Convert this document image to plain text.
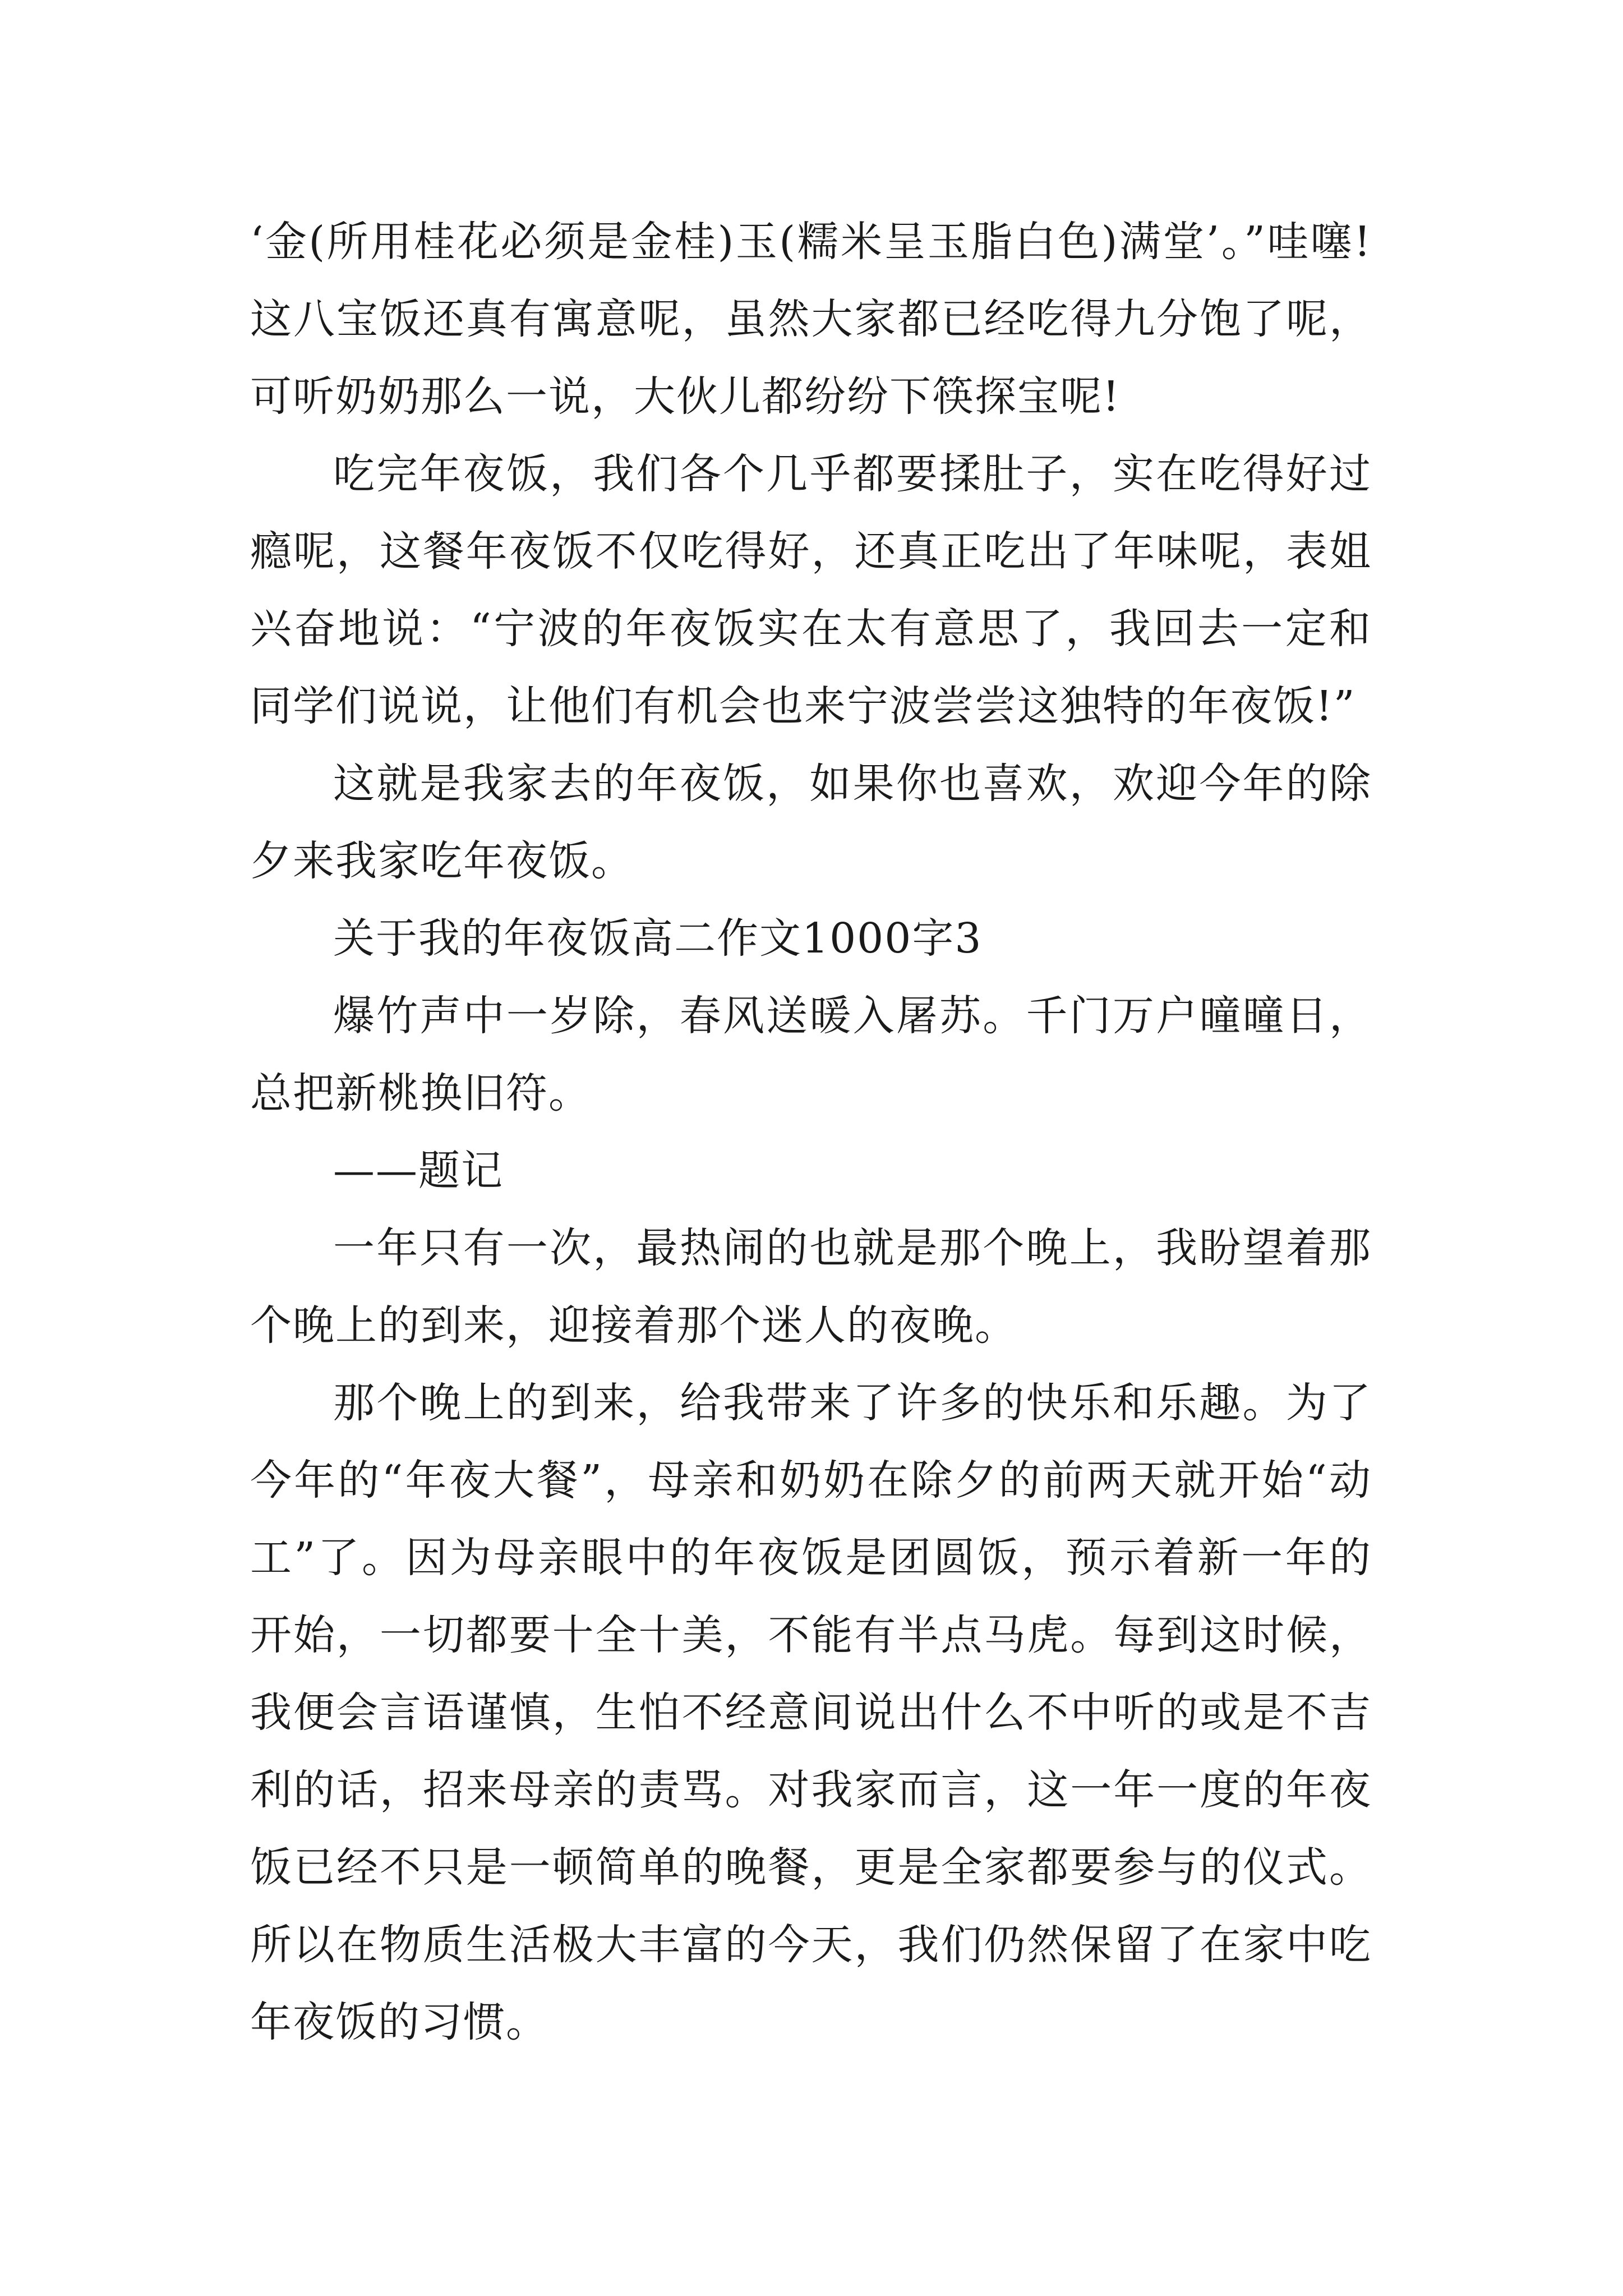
‘金(所用桂花必须是金桂)玉(糯米呈玉脂白色)满堂’。”哇噻!这八宝饭还真有寓意呢，虽然大家都已经吃得九分饱了呢，可听奶奶那么一说，大伙儿都纷纷下筷探宝呢!

吃完年夜饭，我们各个几乎都要揉肚子，实在吃得好过瘾呢，这餐年夜饭不仅吃得好，还真正吃出了年味呢，表姐兴奋地说：“宁波的年夜饭实在太有意思了，我回去一定和同学们说说，让他们有机会也来宁波尝尝这独特的年夜饭!”

这就是我家去的年夜饭，如果你也喜欢，欢迎今年的除夕来我家吃年夜饭。

关于我的年夜饭高二作文1000字3

爆竹声中一岁除，春风送暖入屠苏。千门万户曈曈日，总把新桃换旧符。

——题记

一年只有一次，最热闹的也就是那个晚上，我盼望着那个晚上的到来，迎接着那个迷人的夜晚。

那个晚上的到来，给我带来了许多的快乐和乐趣。为了今年的“年夜大餐”，母亲和奶奶在除夕的前两天就开始“动工”了。因为母亲眼中的年夜饭是团圆饭，预示着新一年的开始，一切都要十全十美，不能有半点马虎。每到这时候，我便会言语谨慎，生怕不经意间说出什么不中听的或是不吉利的话，招来母亲的责骂。对我家而言，这一年一度的年夜饭已经不只是一顿简单的晚餐，更是全家都要参与的仪式。所以在物质生活极大丰富的今天，我们仍然保留了在家中吃年夜饭的习惯。
